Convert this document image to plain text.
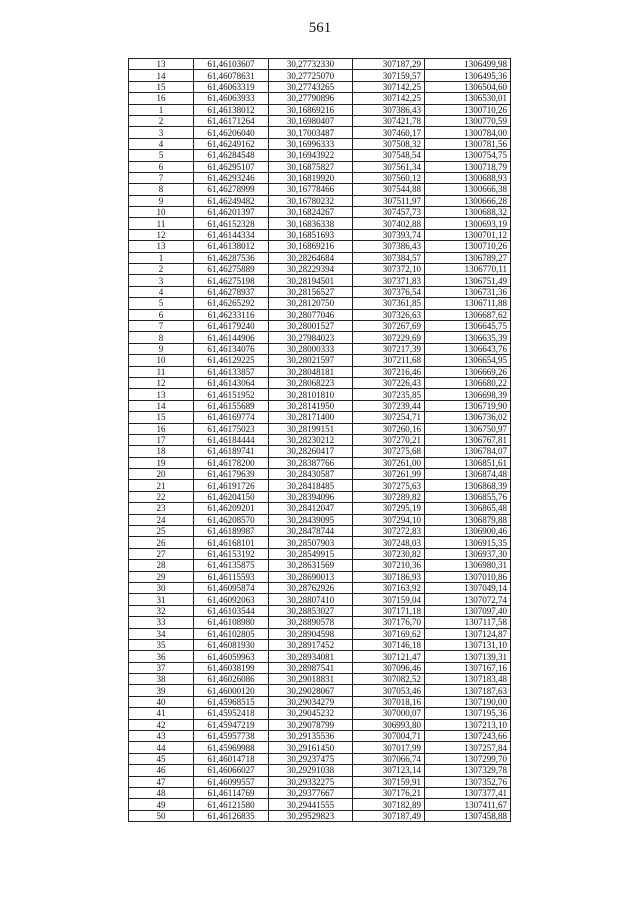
561
13	61,46103607	30,27732330	307187,29	1306499,98
14	61,46078631	30,27725070	307159,57	1306495,36
15	61,46063319	30,27743265	307142,25	1306504,60
16	61,46063933	30,27790896	307142,25	1306530,01
1	61,46138012	30,16869216	307386,43	1300710,26
2	61,46171264	30,16980407	307421,78	1300770,59
3	61,46206040	30,17003487	307460,17	1300784,00
4	61,46249162	30,16996333	307508,32	1300781,56
5	61,46284548	30,16943922	307548,54	1300754,75
6	61,46295107	30,16875827	307561,34	1300718,79
7	61,46293246	30,16819920	307560,12	1300688,93
8	61,46278999	30,16778466	307544,88	1300666,38
9	61,46249482	30,16780232	307511,97	1300666,28
10	61,46201397	30,16824267	307457,73	1300688,32
11	61,46152328	30,16836338	307402,88	1300693,19
12	61,46144334	30,16851693	307393,74	1300701,12
13	61,46138012	30,16869216	307386,43	1300710,26
1	61,46287536	30,28264684	307384,57	1306789,27
2	61,46275889	30,28229394	307372,10	1306770,11
3	61,46275198	30,28194501	307371,83	1306751,49
4	61,46278937	30,28156527	307376,54	1306731,36
5	61,46265292	30,28120750	307361,85	1306711,88
6	61,46233116	30,28077046	307326,63	1306687,62
7	61,46179240	30,28001527	307267,69	1306645,75
8	61,46144906	30,27984023	307229,69	1306635,39
9	61,46134076	30,28000333	307217,39	1306643,76
10	61,46129225	30,28021597	307211,68	1306654,95
11	61,46133857	30,28048181	307216,46	1306669,26
12	61,46143064	30,28068223	307226,43	1306680,22
13	61,46151952	30,28101810	307235,85	1306698,39
14	61,46155689	30,28141950	307239,44	1306719,90
15	61,46169774	30,28171400	307254,71	1306736,02
16	61,46175023	30,28199151	307260,16	1306750,97
17	61,46184444	30,28230212	307270,21	1306767,81
18	61,46189741	30,28260417	307275,68	1306784,07
19	61,46178200	30,28387766	307261,00	1306851,61
20	61,46179639	30,28430587	307261,99	1306874,48
21	61,46191726	30,28418485	307275,63	1306868,39
22	61,46204150	30,28394096	307289,82	1306855,76
23	61,46209201	30,28412047	307295,19	1306865,48
24	61,46208570	30,28439095	307294,10	1306879,88
25	61,46189987	30,28478744	307272,83	1306900,46
26	61,46168101	30,28507903	307248,03	1306915,35
27	61,46153192	30,28549915	307230,82	1306937,30
28	61,46135875	30,28631569	307210,36	1306980,31
29	61,46115593	30,28690013	307186,93	1307010,86
30	61,46095874	30,28762926	307163,92	1307049,14
31	61,46092063	30,28807410	307159,04	1307072,74
32	61,46103544	30,28853027	307171,18	1307097,40
33	61,46108980	30,28890578	307176,70	1307117,58
34	61,46102805	30,28904598	307169,62	1307124,87
35	61,46081930	30,28917452	307146,18	1307131,10
36	61,46059963	30,28934081	307121,47	1307139,31
37	61,46038199	30,28987541	307096,46	1307167,16
38	61,46026086	30,29018831	307082,52	1307183,48
39	61,46000120	30,29028067	307053,46	1307187,63
40	61,45968515	30,29034279	307018,16	1307190,00
41	61,45952418	30,29045232	307000,07	1307195,36
42	61,45947219	30,29078799	306993,80	1307213,10
43	61,45957738	30,29135536	307004,71	1307243,66
44	61,45969988	30,29161450	307017,99	1307257,84
45	61,46014718	30,29237475	307066,74	1307299,70
46	61,46066027	30,29291038	307123,14	1307329,78
47	61,46099557	30,29332275	307159,91	1307352,76
48	61,46114769	30,29377667	307176,21	1307377,41
49	61,46121580	30,29441555	307182,89	1307411,67
50	61,46126835	30,29529823	307187,49	1307458,88
